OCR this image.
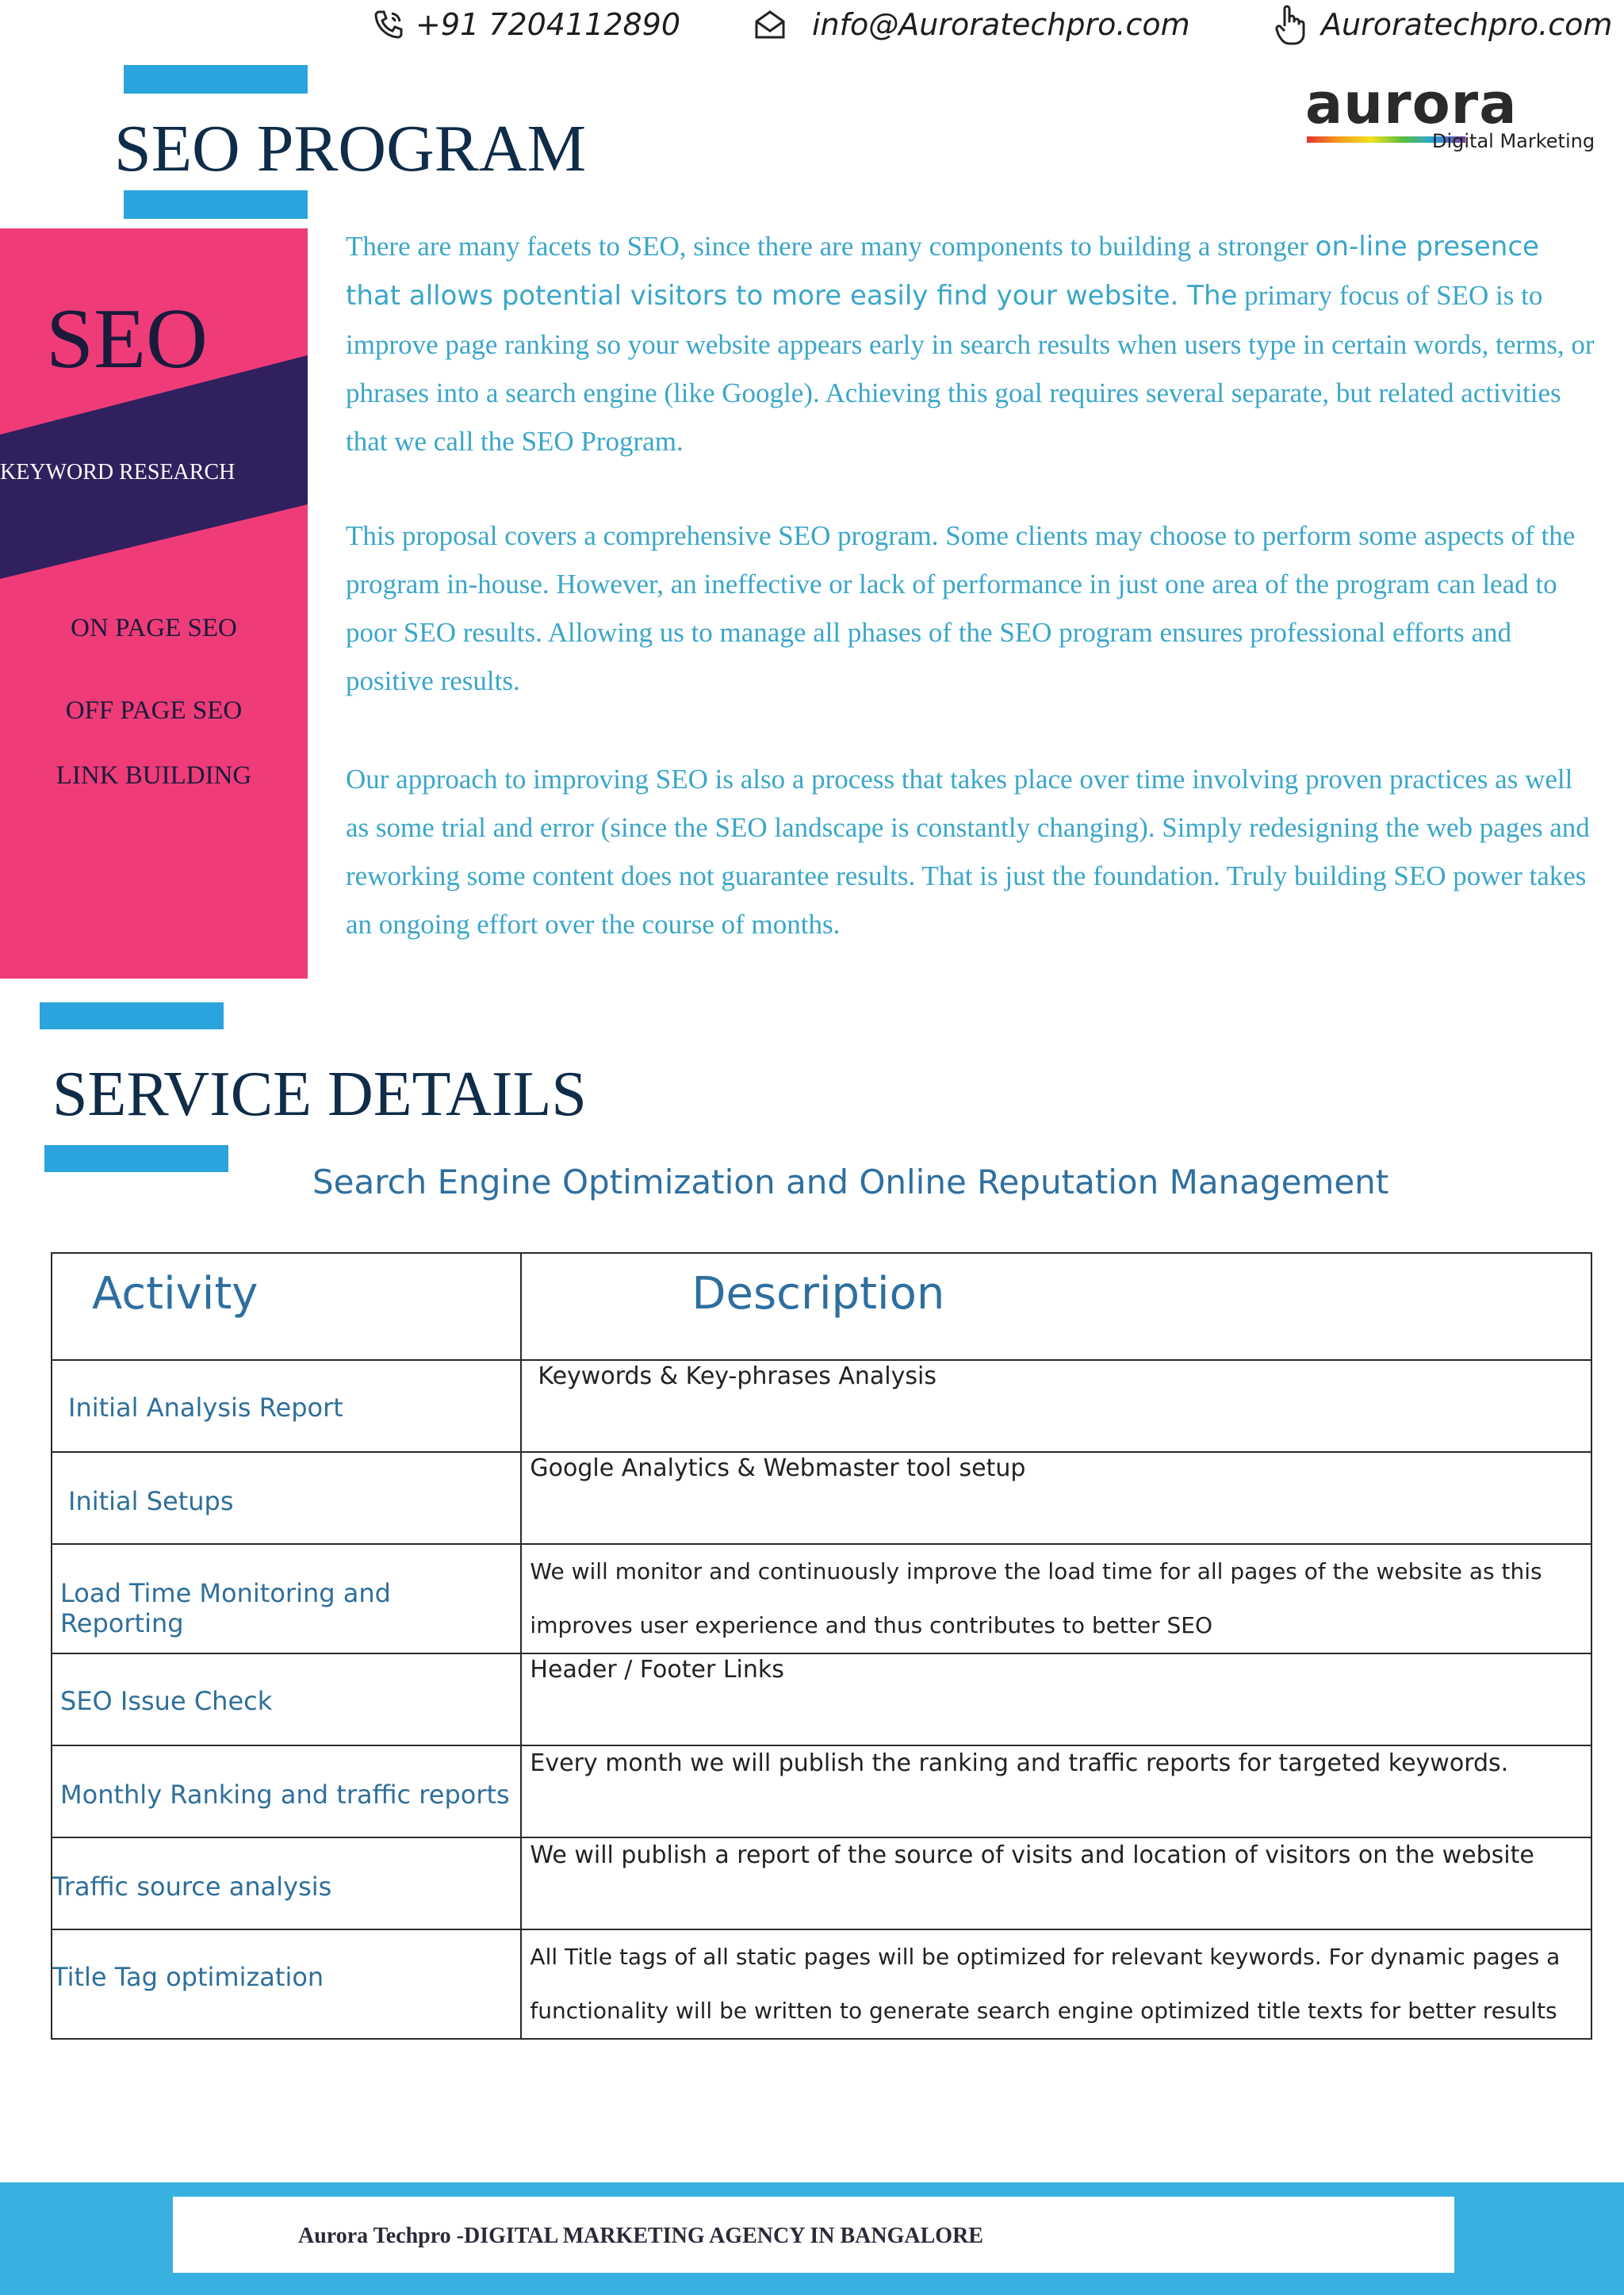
+91 7204112890	info@Auroratechpro.com	Auroratechpro.com
aurora
Digital Marketing
SEO PROGRAM
SEO
KEYWORD RESEARCH
ON PAGE SEO
OFF PAGE SEO
LINK BUILDING

There are many facets to SEO, since there are many components to building a stronger on-line presence that allows potential visitors to more easily find your website. The primary focus of SEO is to improve page ranking so your website appears early in search results when users type in certain words, terms, or phrases into a search engine (like Google). Achieving this goal requires several separate, but related activities that we call the SEO Program.

This proposal covers a comprehensive SEO program. Some clients may choose to perform some aspects of the program in-house. However, an ineffective or lack of performance in just one area of the program can lead to poor SEO results. Allowing us to manage all phases of the SEO program ensures professional efforts and positive results.

Our approach to improving SEO is also a process that takes place over time involving proven practices as well as some trial and error (since the SEO landscape is constantly changing). Simply redesigning the web pages and reworking some content does not guarantee results. That is just the foundation. Truly building SEO power takes an ongoing effort over the course of months.

SERVICE DETAILS
Search Engine Optimization and Online Reputation Management
Activity	Description

Initial Analysis Report	Keywords & Key-phrases Analysis

Initial Setups	Google Analytics & Webmaster tool setup

Load Time Monitoring and Reporting	We will monitor and continuously improve the load time for all pages of the website as this
improves user experience and thus contributes to better SEO

SEO Issue Check	Header / Footer Links

Monthly Ranking and traffic reports	Every month we will publish the ranking and traffic reports for targeted keywords.

Traffic source analysis	We will publish a report of the source of visits and location of visitors on the website

Title Tag optimization	All Title tags of all static pages will be optimized for relevant keywords. For dynamic pages a
functionality will be written to generate search engine optimized title texts for better results
Aurora Techpro -DIGITAL MARKETING AGENCY IN BANGALORE
